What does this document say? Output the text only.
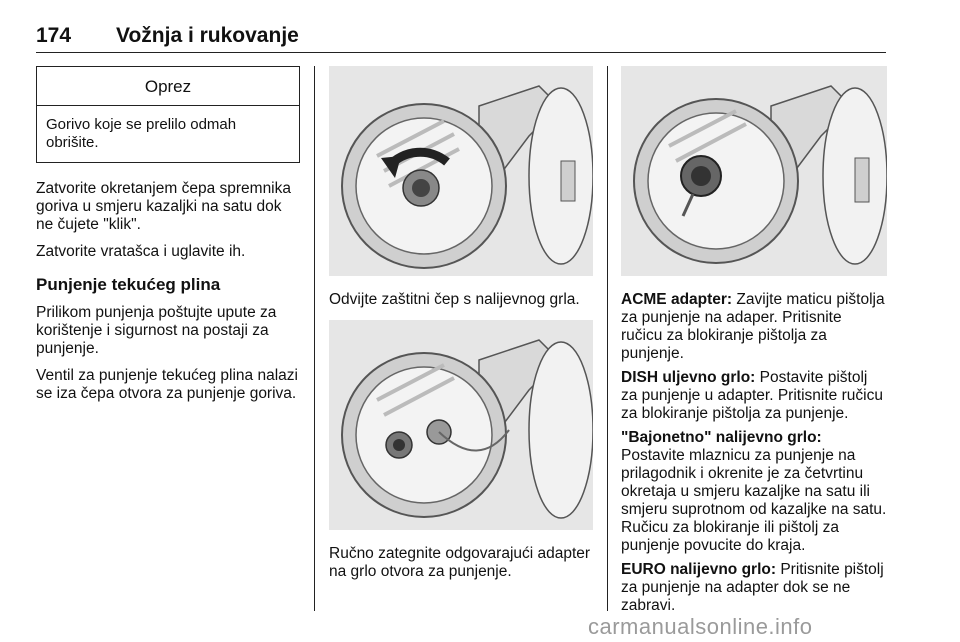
174 Vožnja i rukovanje
Oprez
Gorivo koje se prelilo odmah obrišite.

Zatvorite okretanjem čepa spremnika goriva u smjeru kazaljki na satu dok ne čujete "klik".

Zatvorite vratašca i uglavite ih.

Punjenje tekućeg plina

Prilikom punjenja poštujte upute za korištenje i sigurnost na postaji za punjenje.

Ventil za punjenje tekućeg plina nalazi se iza čepa otvora za punjenje goriva.

Odvijte zaštitni čep s nalijevnog grla.

Ručno zategnite odgovarajući adapter na grlo otvora za punjenje.

ACME adapter: Zavijte maticu pištolja za punjenje na adaper. Pritisnite ručicu za blokiranje pištolja za punjenje.

DISH uljevno grlo: Postavite pištolj za punjenje u adapter. Pritisnite ručicu za blokiranje pištolja za punjenje.

"Bajonetno" nalijevno grlo: Postavite mlaznicu za punjenje na prilagodnik i okrenite je za četvrtinu okretaja u smjeru kazaljke na satu ili smjeru suprotnom od kazaljke na satu. Ručicu za blokiranje ili pištolj za punjenje povucite do kraja.

EURO nalijevno grlo: Pritisnite pištolj za punjenje na adapter dok se ne zabravi.

carmanualsonline.info
